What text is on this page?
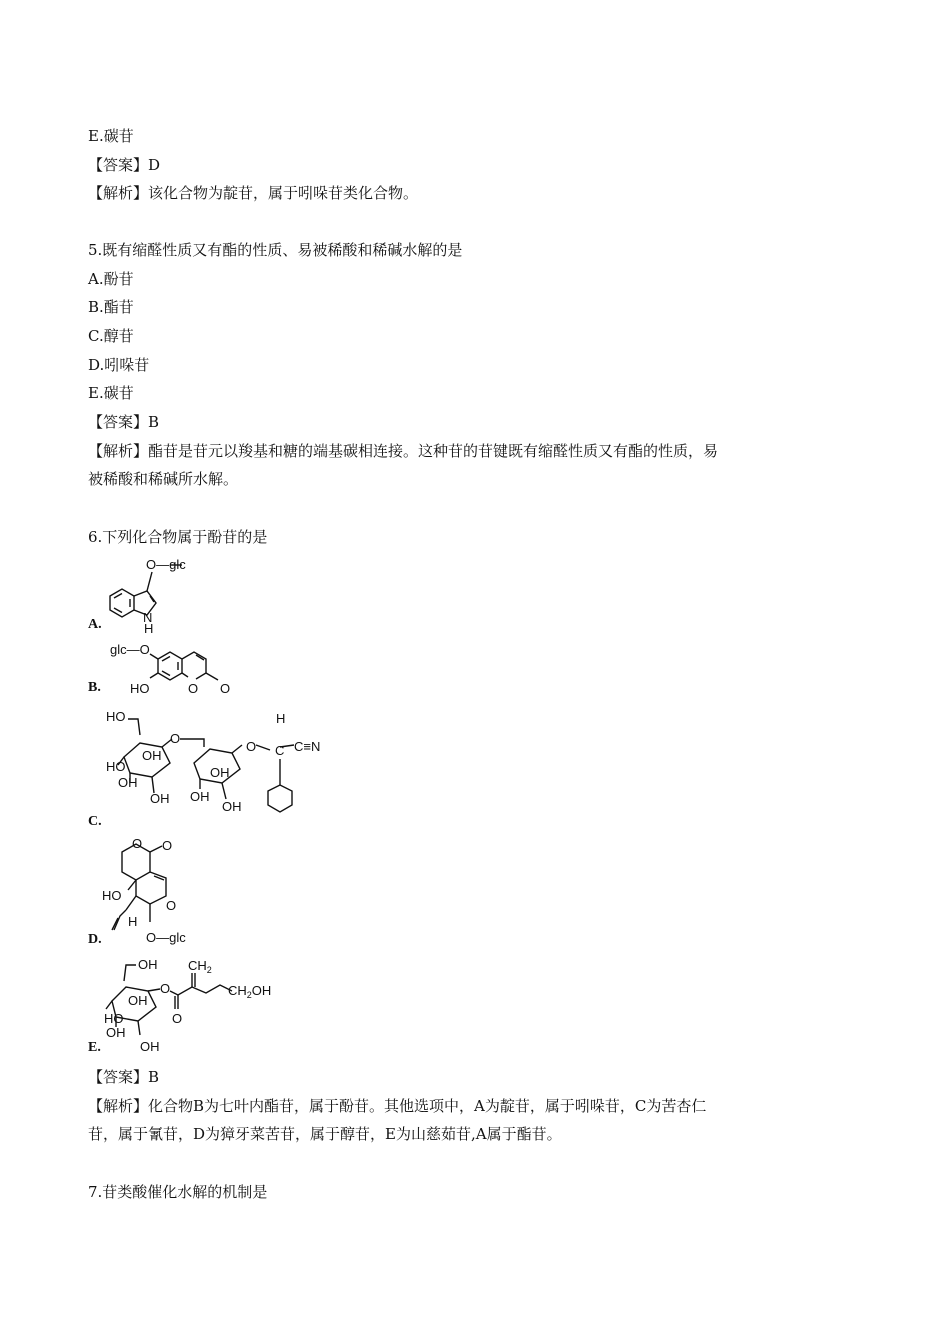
E.碳苷
【答案】D
【解析】该化合物为靛苷，属于吲哚苷类化合物。
5.既有缩醛性质又有酯的性质、易被稀酸和稀碱水解的是
A.酚苷
B.酯苷
C.醇苷
D.吲哚苷
E.碳苷
【答案】B
【解析】酯苷是苷元以羧基和糖的端基碳相连接。这种苷的苷键既有缩醛性质又有酯的性质，易
被稀酸和稀碱所水解。
6.下列化合物属于酚苷的是
A.
O—glc
N
H
B.
glc—O
HO	O O
C.
HO
OH
HO
OH
OH
O
OH
OH
OH
O
H
C C≡N
D.
O O
HO
O
H
O—glc
E.
OH
O
O
$CH_2$
$CH_2OH$
OH
HO
OH
OH
【答案】B
【解析】化合物B为七叶内酯苷，属于酚苷。其他选项中，A为靛苷，属于吲哚苷，C为苦杏仁
苷，属于氰苷，D为獐牙菜苦苷，属于醇苷，E为山慈茹苷,A属于酯苷。
7.苷类酸催化水解的机制是
